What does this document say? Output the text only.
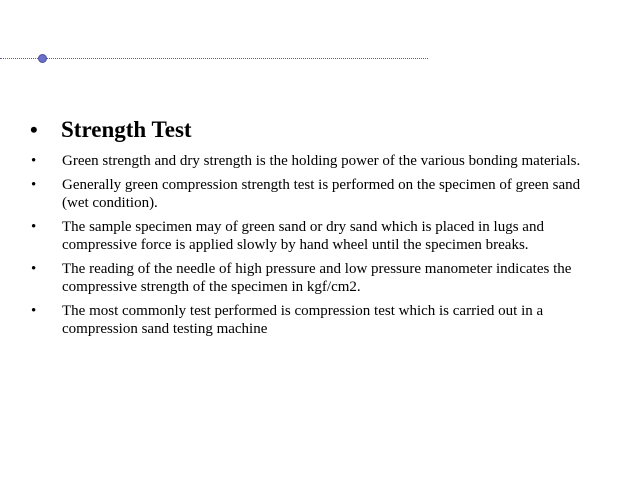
•	Strength Test
•	Green strength and dry strength is the holding power of the various bonding materials.
•	Generally green compression strength test is performed on the specimen of green sand (wet condition).
•	The sample specimen may of green sand or dry sand which is placed in lugs and compressive force is applied slowly by hand wheel until the specimen breaks.
•	The reading of the needle of high pressure and low pressure manometer indicates the compressive strength of the specimen in kgf/cm2.
•	The most commonly test performed is compression test which is carried out in a compression sand testing machine
